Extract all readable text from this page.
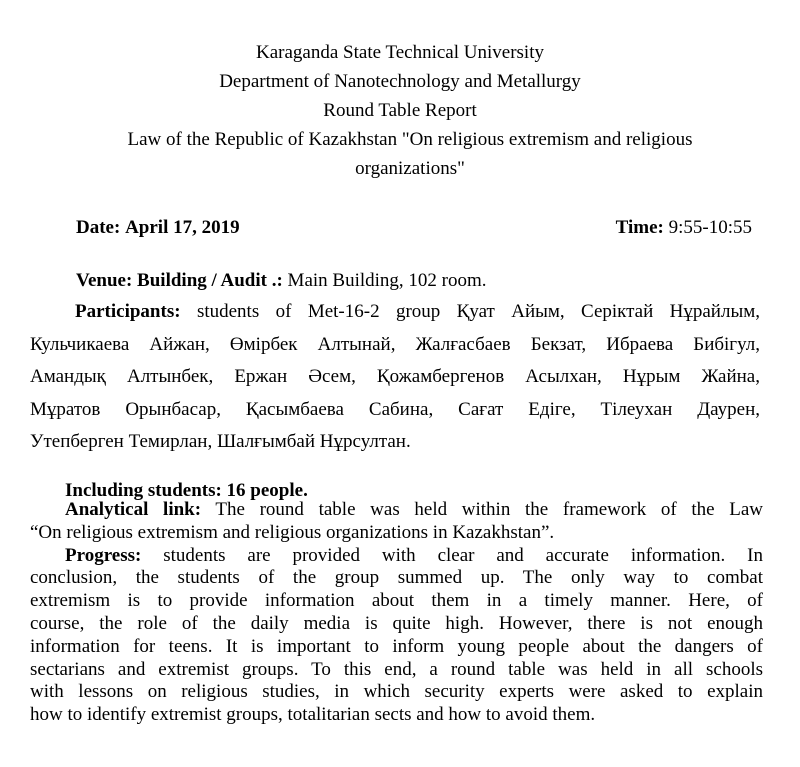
Karaganda State Technical University
Department of Nanotechnology and Metallurgy
Round Table Report
Law of the Republic of Kazakhstan "On religious extremism and religious
organizations"
Date: April 17, 2019	Time: 9:55-10:55
Venue: Building / Audit .: Main Building, 102 room.
Participants: students of Met-16-2 group Қуат Айым, Серіктай Нұрайлым,
Кульчикаева Айжан, Өмірбек Алтынай, Жалғасбаев Бекзат, Ибраева Бибігул,
Амандық Алтынбек, Ержан Әсем, Қожамбергенов Асылхан, Нұрым Жайна,
Мұратов Орынбасар, Қасымбаева Сабина, Сағат Едіге, Тілеухан Даурен,
Утепберген Темирлан, Шалғымбай Нұрсултан.
Including students: 16 people.
Analytical link: The round table was held within the framework of the Law
“On religious extremism and religious organizations in Kazakhstan”.
Progress: students are provided with clear and accurate information. In
conclusion, the students of the group summed up. The only way to combat
extremism is to provide information about them in a timely manner. Here, of
course, the role of the daily media is quite high. However, there is not enough
information for teens. It is important to inform young people about the dangers of
sectarians and extremist groups. To this end, a round table was held in all schools
with lessons on religious studies, in which security experts were asked to explain
how to identify extremist groups, totalitarian sects and how to avoid them.
